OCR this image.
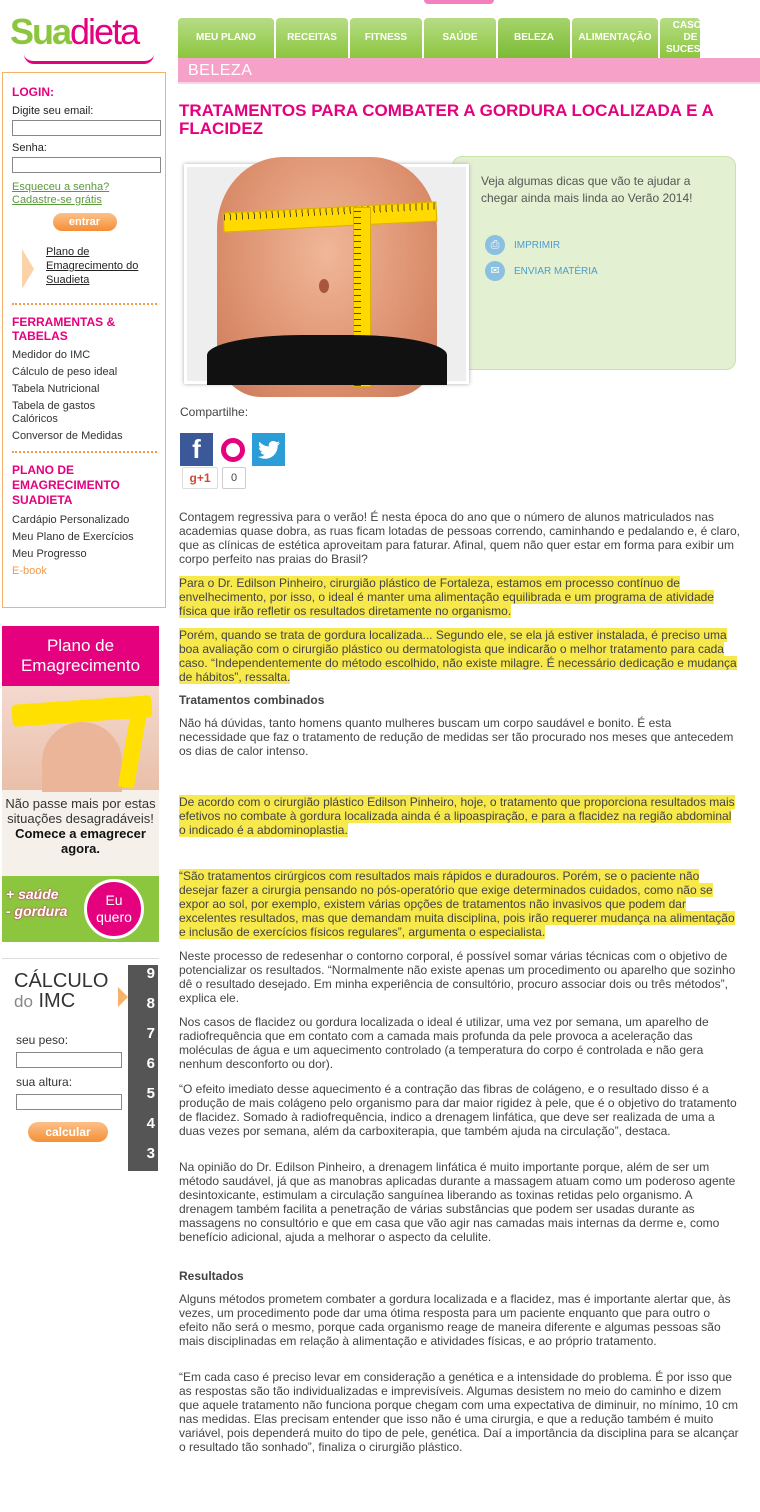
Suadieta	MEU PLANO	RECEITAS	FITNESS	SAÚDE	BELEZA	ALIMENTAÇÃO
CASOS DE SUCESSO
BELEZA
LOGIN:
Digite seu email:
Senha:
Esqueceu a senha?
Cadastre-se grátis
entrar
Plano de Emagrecimento do Suadieta
FERRAMENTAS & TABELAS
Medidor do IMC
Cálculo de peso ideal
Tabela Nutricional
Tabela de gastos Calóricos
Conversor de Medidas
PLANO DE EMAGRECIMENTO SUADIETA
Cardápio Personalizado
Meu Plano de Exercícios
Meu Progresso
E-book
Plano de Emagrecimento
Não passe mais por estas situações desagradáveis!
Comece a emagrecer agora.
+ saúde
- gordura
Eu quero
CÁLCULO
do IMC
9
8
7
6
5
4
3
seu peso:
sua altura:
calcular
TRATAMENTOS PARA COMBATER A GORDURA LOCALIZADA E A FLACIDEZ
Veja algumas dicas que vão te ajudar a chegar ainda mais linda ao Verão 2014!
⎙	IMPRIMIR
✉	ENVIAR MATÉRIA
Compartilhe:
f
g+1	0

Contagem regressiva para o verão! É nesta época do ano que o número de alunos matriculados nas academias quase dobra, as ruas ficam lotadas de pessoas correndo, caminhando e pedalando e, é claro, que as clínicas de estética aproveitam para faturar. Afinal, quem não quer estar em forma para exibir um corpo perfeito nas praias do Brasil?

Para o Dr. Edilson Pinheiro, cirurgião plástico de Fortaleza, estamos em processo contínuo de envelhecimento, por isso, o ideal é manter uma alimentação equilibrada e um programa de atividade física que irão refletir os resultados diretamente no organismo.

Porém, quando se trata de gordura localizada... Segundo ele, se ela já estiver instalada, é preciso uma boa avaliação com o cirurgião plástico ou dermatologista que indicarão o melhor tratamento para cada caso. “Independentemente do método escolhido, não existe milagre. É necessário dedicação e mudança de hábitos”, ressalta.

Tratamentos combinados

Não há dúvidas, tanto homens quanto mulheres buscam um corpo saudável e bonito. É esta necessidade que faz o tratamento de redução de medidas ser tão procurado nos meses que antecedem os dias de calor intenso.

De acordo com o cirurgião plástico Edilson Pinheiro, hoje, o tratamento que proporciona resultados mais efetivos no combate à gordura localizada ainda é a lipoaspiração, e para a flacidez na região abdominal o indicado é a abdominoplastia.

“São tratamentos cirúrgicos com resultados mais rápidos e duradouros. Porém, se o paciente não desejar fazer a cirurgia pensando no pós-operatório que exige determinados cuidados, como não se expor ao sol, por exemplo, existem várias opções de tratamentos não invasivos que podem dar excelentes resultados, mas que demandam muita disciplina, pois irão requerer mudança na alimentação e inclusão de exercícios físicos regulares”, argumenta o especialista.

Neste processo de redesenhar o contorno corporal, é possível somar várias técnicas com o objetivo de potencializar os resultados. “Normalmente não existe apenas um procedimento ou aparelho que sozinho dê o resultado desejado. Em minha experiência de consultório, procuro associar dois ou três métodos”, explica ele.

Nos casos de flacidez ou gordura localizada o ideal é utilizar, uma vez por semana, um aparelho de radiofrequência que em contato com a camada mais profunda da pele provoca a aceleração das moléculas de água e um aquecimento controlado (a temperatura do corpo é controlada e não gera nenhum desconforto ou dor).

“O efeito imediato desse aquecimento é a contração das fibras de colágeno, e o resultado disso é a produção de mais colágeno pelo organismo para dar maior rigidez à pele, que é o objetivo do tratamento de flacidez. Somado à radiofrequência, indico a drenagem linfática, que deve ser realizada de uma a duas vezes por semana, além da carboxiterapia, que também ajuda na circulação”, destaca.

Na opinião do Dr. Edilson Pinheiro, a drenagem linfática é muito importante porque, além de ser um método saudável, já que as manobras aplicadas durante a massagem atuam como um poderoso agente desintoxicante, estimulam a circulação sanguínea liberando as toxinas retidas pelo organismo. A drenagem também facilita a penetração de várias substâncias que podem ser usadas durante as massagens no consultório e que em casa que vão agir nas camadas mais internas da derme e, como benefício adicional, ajuda a melhorar o aspecto da celulite.

Resultados

Alguns métodos prometem combater a gordura localizada e a flacidez, mas é importante alertar que, às vezes, um procedimento pode dar uma ótima resposta para um paciente enquanto que para outro o efeito não será o mesmo, porque cada organismo reage de maneira diferente e algumas pessoas são mais disciplinadas em relação à alimentação e atividades físicas, e ao próprio tratamento.

“Em cada caso é preciso levar em consideração a genética e a intensidade do problema. É por isso que as respostas são tão individualizadas e imprevisíveis. Algumas desistem no meio do caminho e dizem que aquele tratamento não funciona porque chegam com uma expectativa de diminuir, no mínimo, 10 cm nas medidas. Elas precisam entender que isso não é uma cirurgia, e que a redução também é muito variável, pois dependerá muito do tipo de pele, genética. Daí a importância da disciplina para se alcançar o resultado tão sonhado”, finaliza o cirurgião plástico.
